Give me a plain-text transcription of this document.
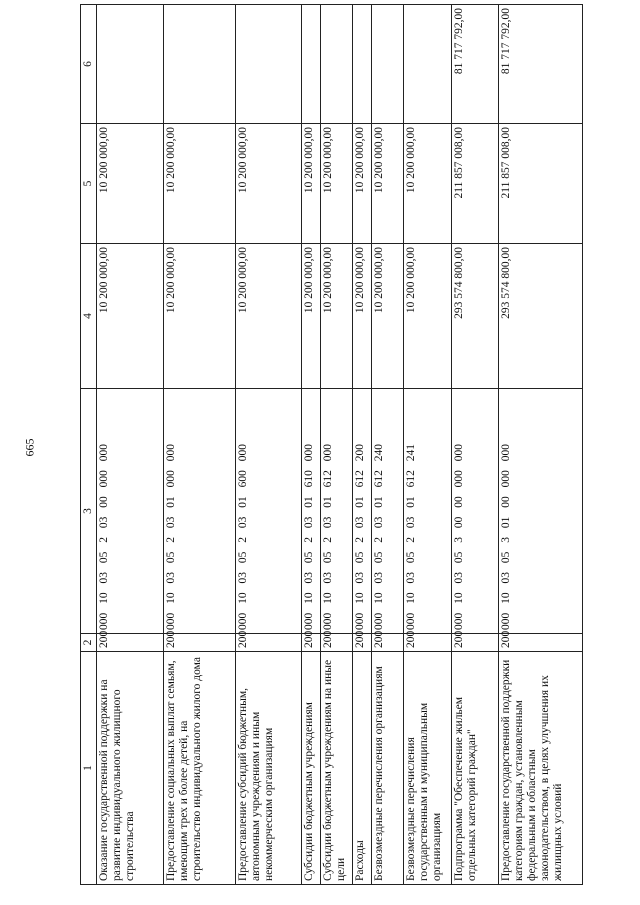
665
1	2	3	4	5	6
Оказание государственной поддержки на развитие индивидуального жилищного строительства	200	000 10 03 05 2 03 00 000 000	10 200 000,00	10 200 000,00	
Предоставление социальных выплат семьям, имеющим трех и более детей, на строительство индивидуального жилого дома	200	000 10 03 05 2 03 01 000 000	10 200 000,00	10 200 000,00	
Предоставление субсидий бюджетным, автономным учреждениям и иным некоммерческим организациям	200	000 10 03 05 2 03 01 600 000	10 200 000,00	10 200 000,00	
Субсидии бюджетным учреждениям	200	000 10 03 05 2 03 01 610 000	10 200 000,00	10 200 000,00	
Субсидии бюджетным учреждениям на иные цели	200	000 10 03 05 2 03 01 612 000	10 200 000,00	10 200 000,00	
Расходы	200	000 10 03 05 2 03 01 612 200	10 200 000,00	10 200 000,00	
Безвозмездные перечисления организациям	200	000 10 03 05 2 03 01 612 240	10 200 000,00	10 200 000,00	
Безвозмездные перечисления государственным и муниципальным организациям	200	000 10 03 05 2 03 01 612 241	10 200 000,00	10 200 000,00	
Подпрограмма "Обеспечение жильем отдельных категорий граждан"	200	000 10 03 05 3 00 00 000 000	293 574 800,00	211 857 008,00	81 717 792,00
Предоставление государственной поддержки категориям граждан, установленным федеральным и областным законодательством, в целях улучшения их жилищных условий	200	000 10 03 05 3 01 00 000 000	293 574 800,00	211 857 008,00	81 717 792,00
